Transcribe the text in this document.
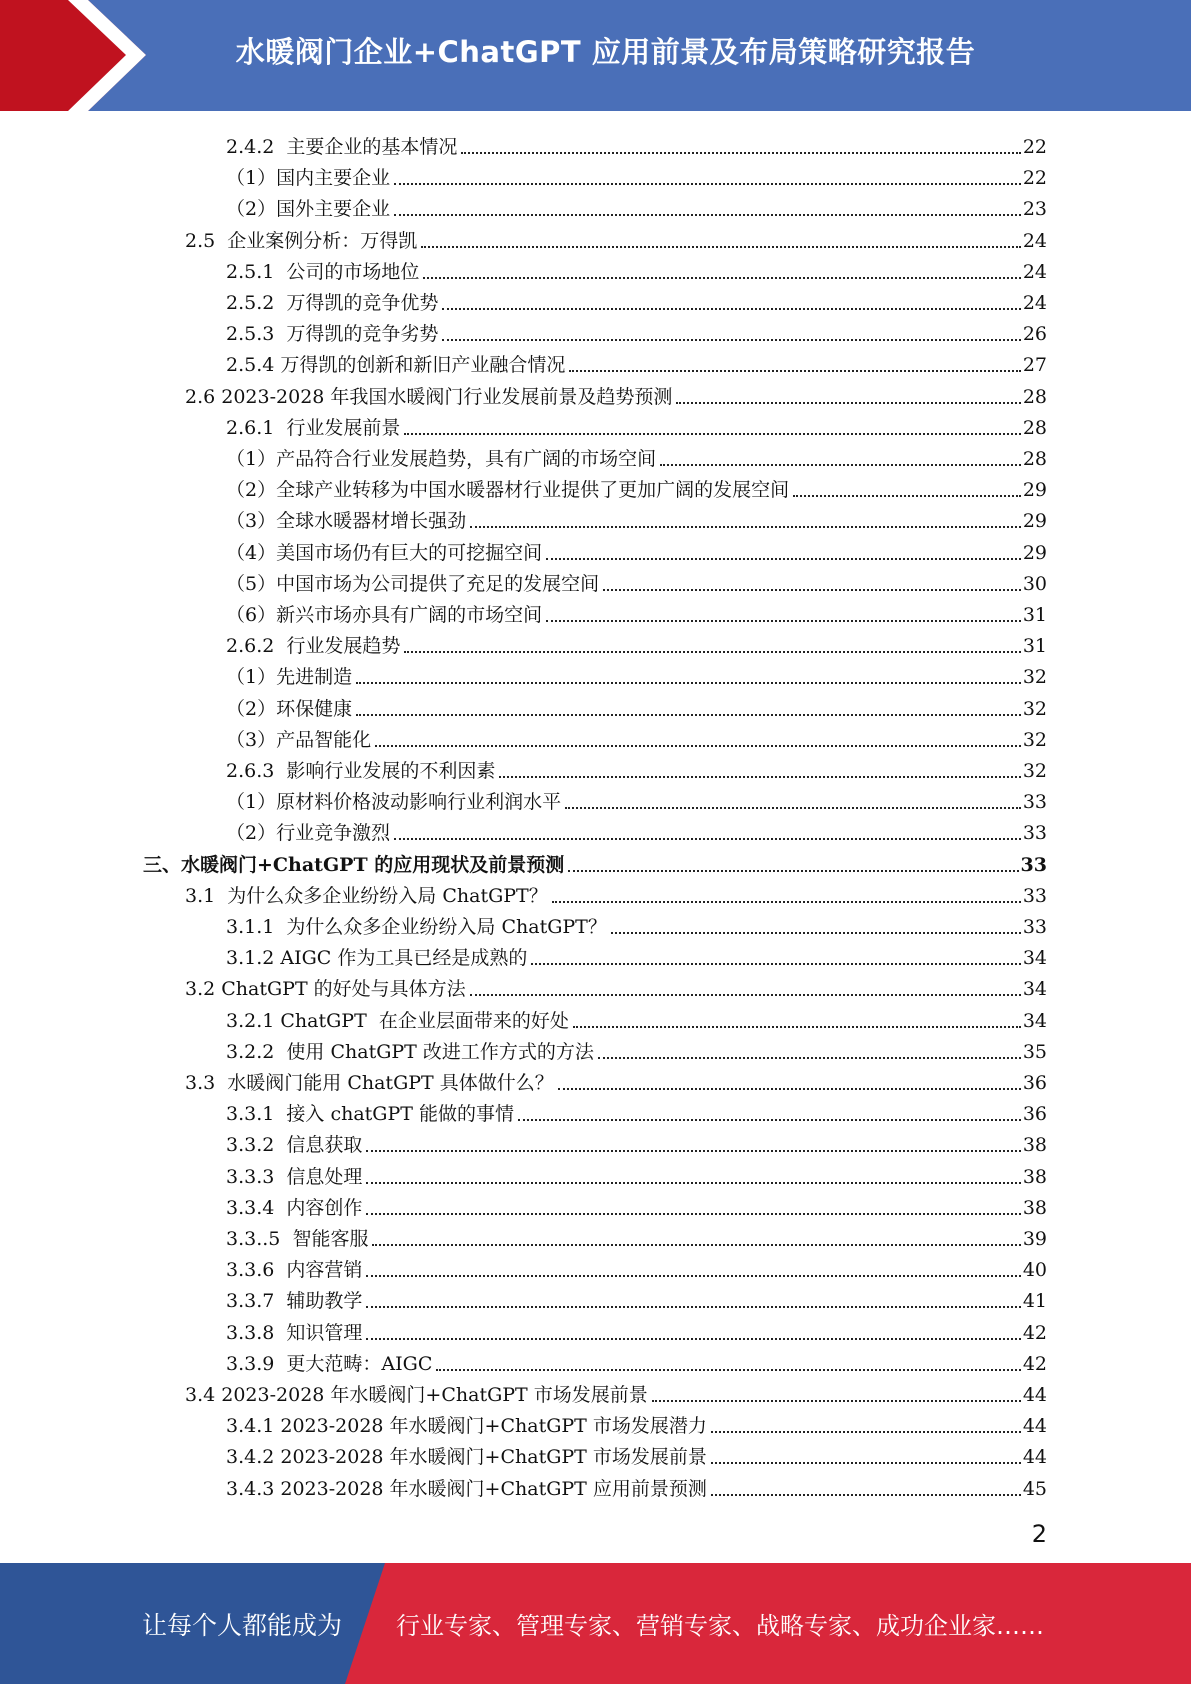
水暖阀门企业+ChatGPT 应用前景及布局策略研究报告
2.4.2  主要企业的基本情况	22
（1）国内主要企业	22
（2）国外主要企业	23
2.5  企业案例分析：万得凯	24
2.5.1  公司的市场地位	24
2.5.2  万得凯的竞争优势	24
2.5.3  万得凯的竞争劣势	26
2.5.4 万得凯的创新和新旧产业融合情况	27
2.6 2023-2028 年我国水暖阀门行业发展前景及趋势预测	28
2.6.1  行业发展前景	28
（1）产品符合行业发展趋势，具有广阔的市场空间	28
（2）全球产业转移为中国水暖器材行业提供了更加广阔的发展空间	29
（3）全球水暖器材增长强劲	29
（4）美国市场仍有巨大的可挖掘空间	29
（5）中国市场为公司提供了充足的发展空间	30
（6）新兴市场亦具有广阔的市场空间	31
2.6.2  行业发展趋势	31
（1）先进制造	32
（2）环保健康	32
（3）产品智能化	32
2.6.3  影响行业发展的不利因素	32
（1）原材料价格波动影响行业利润水平	33
（2）行业竞争激烈	33
三、水暖阀门+ChatGPT 的应用现状及前景预测	33
3.1  为什么众多企业纷纷入局 ChatGPT？	33
3.1.1  为什么众多企业纷纷入局 ChatGPT？	33
3.1.2 AIGC 作为工具已经是成熟的	34
3.2 ChatGPT 的好处与具体方法	34
3.2.1 ChatGPT  在企业层面带来的好处	34
3.2.2  使用 ChatGPT 改进工作方式的方法	35
3.3  水暖阀门能用 ChatGPT 具体做什么？	36
3.3.1  接入 chatGPT 能做的事情	36
3.3.2  信息获取	38
3.3.3  信息处理	38
3.3.4  内容创作	38
3.3..5  智能客服	39
3.3.6  内容营销	40
3.3.7  辅助教学	41
3.3.8  知识管理	42
3.3.9  更大范畴：AIGC	42
3.4 2023-2028 年水暖阀门+ChatGPT 市场发展前景	44
3.4.1 2023-2028 年水暖阀门+ChatGPT 市场发展潜力	44
3.4.2 2023-2028 年水暖阀门+ChatGPT 市场发展前景	44
3.4.3 2023-2028 年水暖阀门+ChatGPT 应用前景预测	45
2
让每个人都能成为 行业专家、管理专家、营销专家、战略专家、成功企业家……
